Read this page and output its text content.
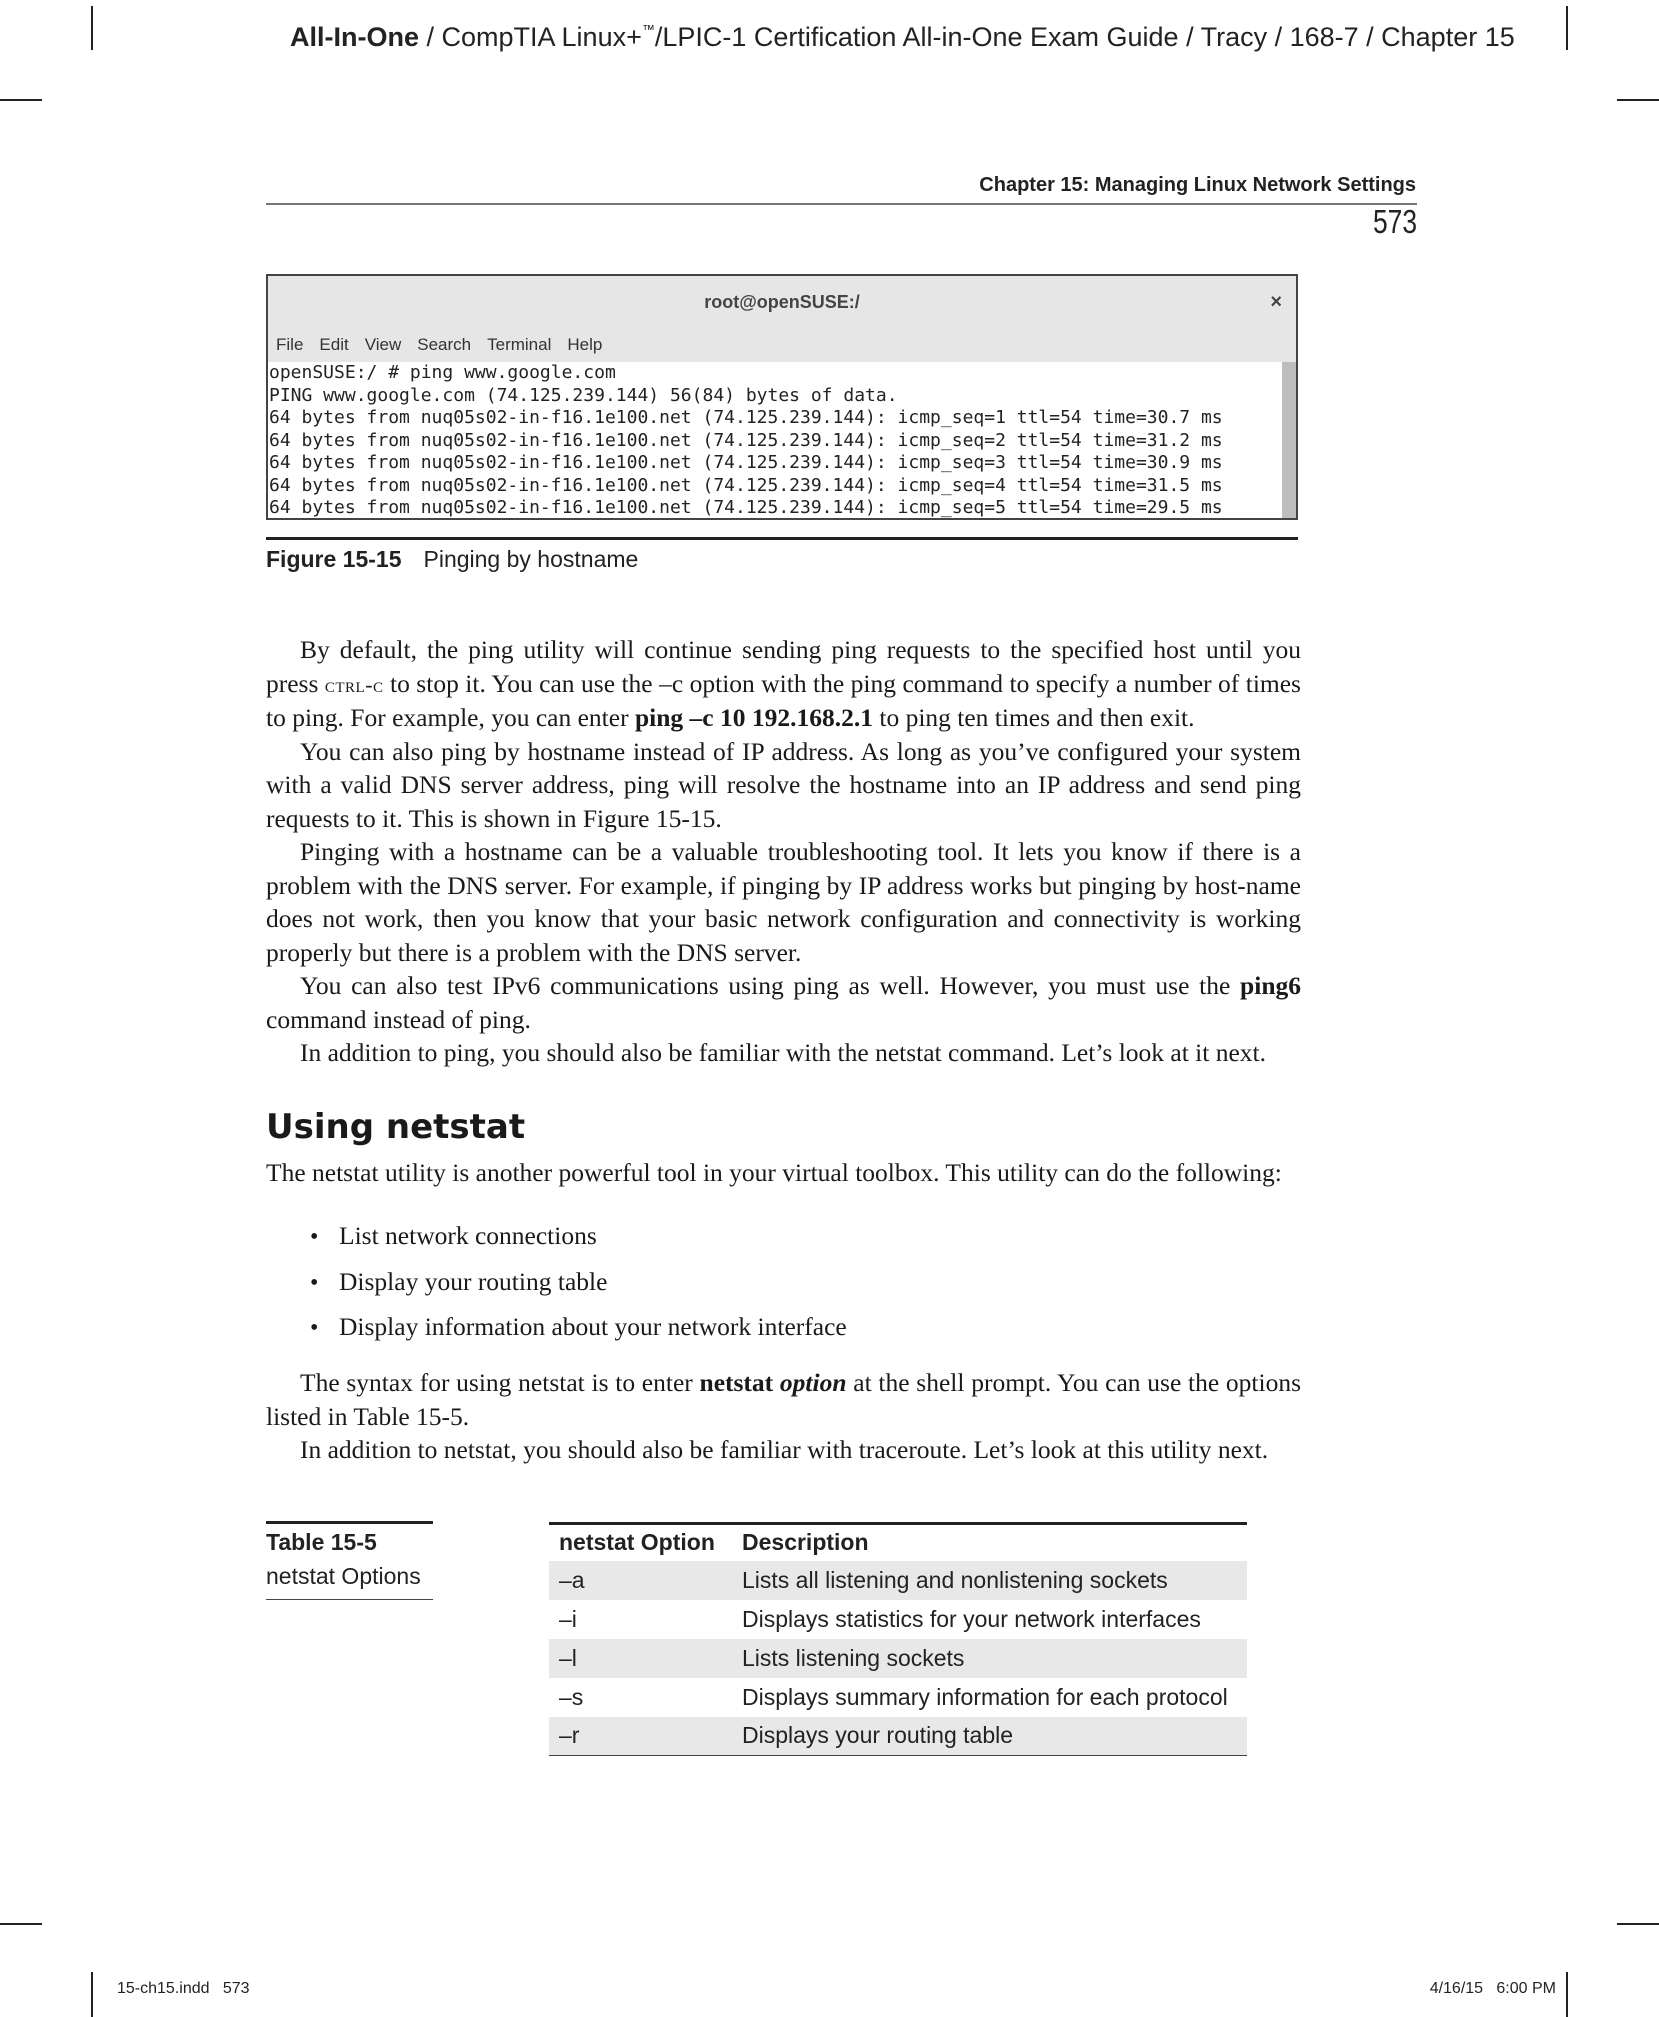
All-In-One / CompTIA Linux+™/LPIC-1 Certification All-in-One Exam Guide / Tracy / 168-7 / Chapter 15
Chapter 15: Managing Linux Network Settings
573
root@openSUSE:/	×
File Edit View Search Terminal Help
openSUSE:/ # ping www.google.com
PING www.google.com (74.125.239.144) 56(84) bytes of data.
64 bytes from nuq05s02-in-f16.1e100.net (74.125.239.144): icmp_seq=1 ttl=54 time=30.7 ms
64 bytes from nuq05s02-in-f16.1e100.net (74.125.239.144): icmp_seq=2 ttl=54 time=31.2 ms
64 bytes from nuq05s02-in-f16.1e100.net (74.125.239.144): icmp_seq=3 ttl=54 time=30.9 ms
64 bytes from nuq05s02-in-f16.1e100.net (74.125.239.144): icmp_seq=4 ttl=54 time=31.5 ms
64 bytes from nuq05s02-in-f16.1e100.net (74.125.239.144): icmp_seq=5 ttl=54 time=29.5 ms
Figure 15-15 Pinging by hostname

By default, the ping utility will continue sending ping requests to the specified host until you press ctrl-c to stop it. You can use the –c option with the ping command to specify a number of times to ping. For example, you can enter ping –c 10 192.168.2.1 to ping ten times and then exit.

You can also ping by hostname instead of IP address. As long as you’ve configured your system with a valid DNS server address, ping will resolve the hostname into an IP address and send ping requests to it. This is shown in Figure 15-15.

Pinging with a hostname can be a valuable troubleshooting tool. It lets you know if there is a problem with the DNS server. For example, if pinging by IP address works but pinging by host-name does not work, then you know that your basic network configuration and connectivity is working properly but there is a problem with the DNS server.

You can also test IPv6 communications using ping as well. However, you must use the ping6 command instead of ping.

In addition to ping, you should also be familiar with the netstat command. Let’s look at it next.

Using netstat
The netstat utility is another powerful tool in your virtual toolbox. This utility can do the following:
• List network connections
• Display your routing table
• Display information about your network interface

The syntax for using netstat is to enter netstat option at the shell prompt. You can use the options listed in Table 15-5.

In addition to netstat, you should also be familiar with traceroute. Let’s look at this utility next.

Table 15-5
netstat Options
netstat Option	Description
–a	Lists all listening and nonlistening sockets
–i	Displays statistics for your network interfaces
–l	Lists listening sockets
–s	Displays summary information for each protocol
–r	Displays your routing table
15-ch15.indd   573	4/16/15   6:00 PM
